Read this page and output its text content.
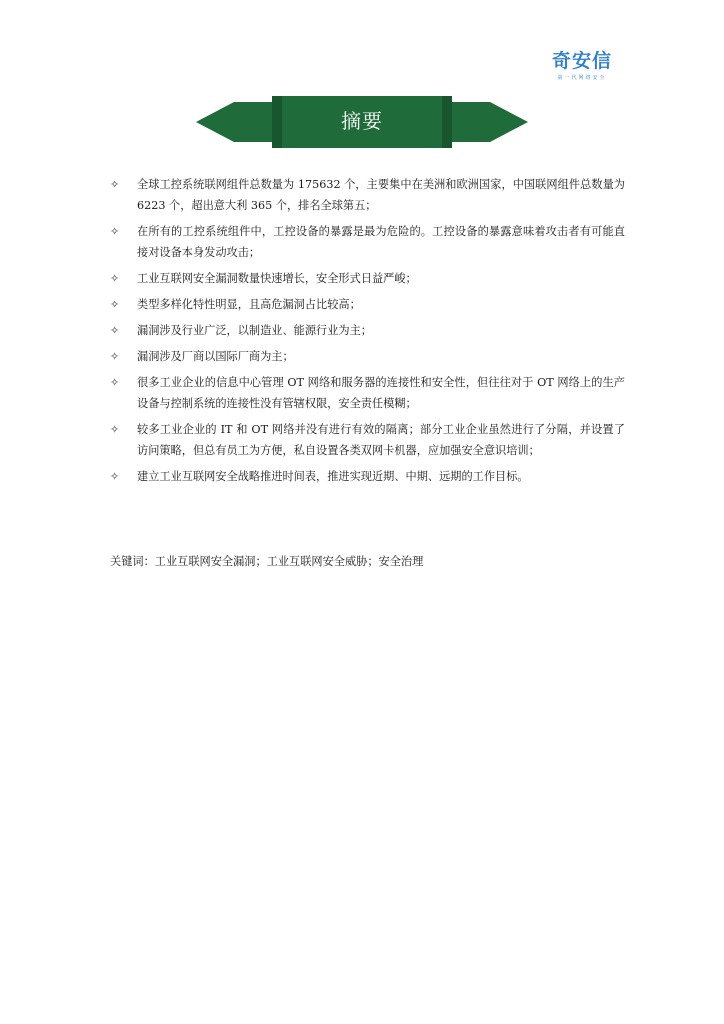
奇安信
第一代网络安全
摘要
✧ 全球工控系统联网组件总数量为 175632 个，主要集中在美洲和欧洲国家，中国联网组件总数量为 6223 个，超出意大利 365 个，排名全球第五；
✧ 在所有的工控系统组件中，工控设备的暴露是最为危险的。工控设备的暴露意味着攻击者有可能直接对设备本身发动攻击；
✧ 工业互联网安全漏洞数量快速增长，安全形式日益严峻；
✧ 类型多样化特性明显，且高危漏洞占比较高；
✧ 漏洞涉及行业广泛，以制造业、能源行业为主；
✧ 漏洞涉及厂商以国际厂商为主；
✧ 很多工业企业的信息中心管理 OT 网络和服务器的连接性和安全性，但往往对于 OT 网络上的生产设备与控制系统的连接性没有管辖权限，安全责任模糊；
✧ 较多工业企业的 IT 和 OT 网络并没有进行有效的隔离；部分工业企业虽然进行了分隔，并设置了访问策略，但总有员工为方便，私自设置各类双网卡机器，应加强安全意识培训；
✧ 建立工业互联网安全战略推进时间表，推进实现近期、中期、远期的工作目标。
关键词：工业互联网安全漏洞；工业互联网安全威胁；安全治理
